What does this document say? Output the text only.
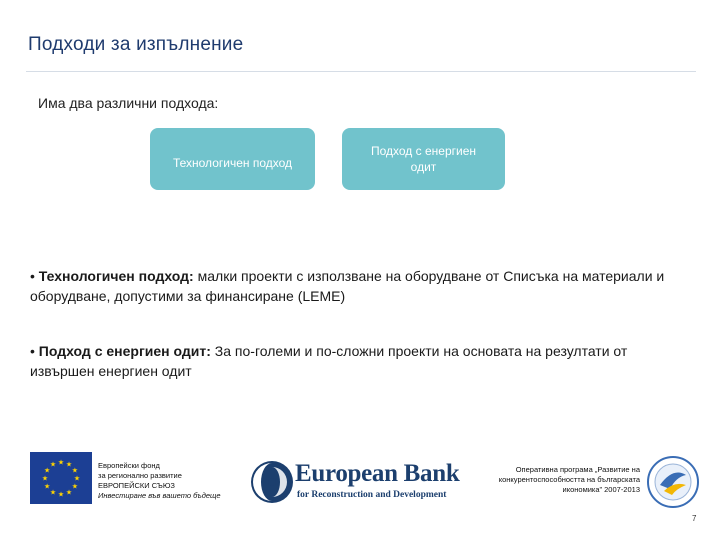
Подходи за изпълнение
Има два различни подхода:
Технологичен подход
Подход с енергиен
одит
• Технологичен подход: малки проекти с използване на оборудване от Списъка на материали и оборудване, допустими за финансиране (LEME)
• Подход с енергиен одит: За по-големи и по-сложни проекти на основата на резултати от извършен енергиен одит
★ ★
★
★
★
★
★
★
★
★
★
★	Европейски фонд
за регионално развитие
ЕВРОПЕЙСКИ СЪЮЗ
Инвестиране във вашето бъдеще
European Bank
for Reconstruction and Development
Оперативна програма „Развитие на
конкурентоспособността на българската
икономика” 2007-2013
7
